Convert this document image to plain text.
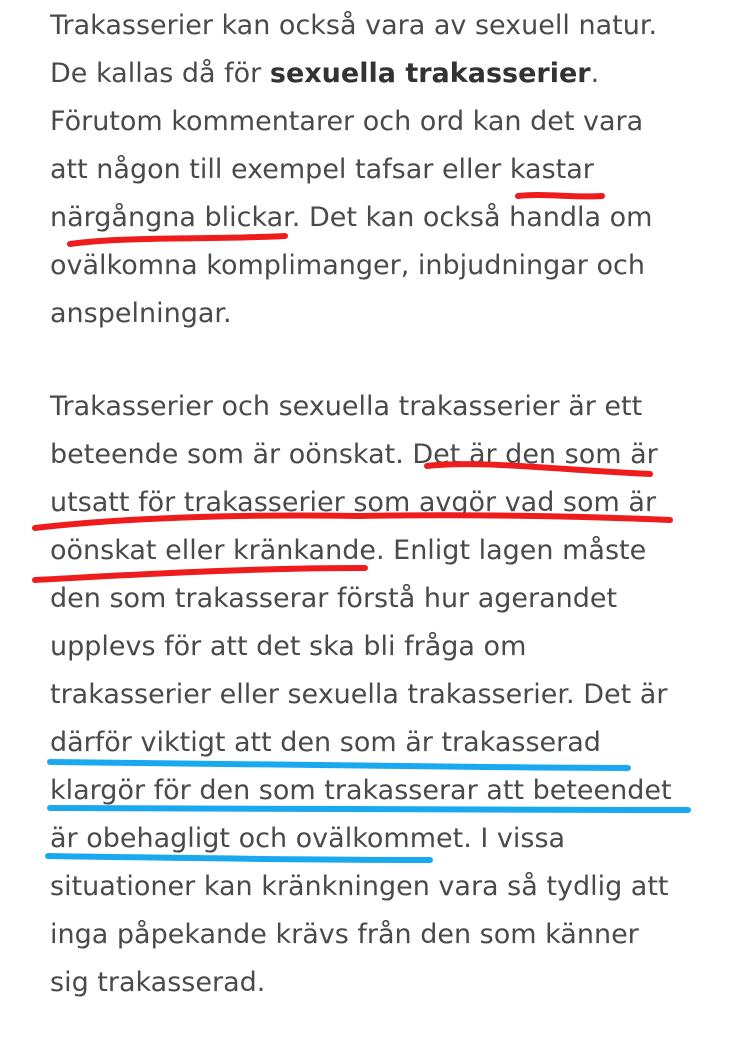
Trakasserier kan också vara av sexuell natur.

De kallas då för sexuella trakasserier.

Förutom kommentarer och ord kan det vara

att någon till exempel tafsar eller kastar

närgångna blickar. Det kan också handla om

ovälkomna komplimanger, inbjudningar och

anspelningar.

Trakasserier och sexuella trakasserier är ett

beteende som är oönskat. Det är den som är

utsatt för trakasserier som avgör vad som är

oönskat eller kränkande. Enligt lagen måste

den som trakasserar förstå hur agerandet

upplevs för att det ska bli fråga om

trakasserier eller sexuella trakasserier. Det är

därför viktigt att den som är trakasserad

klargör för den som trakasserar att beteendet

är obehagligt och ovälkommet. I vissa

situationer kan kränkningen vara så tydlig att

inga påpekande krävs från den som känner

sig trakasserad.
